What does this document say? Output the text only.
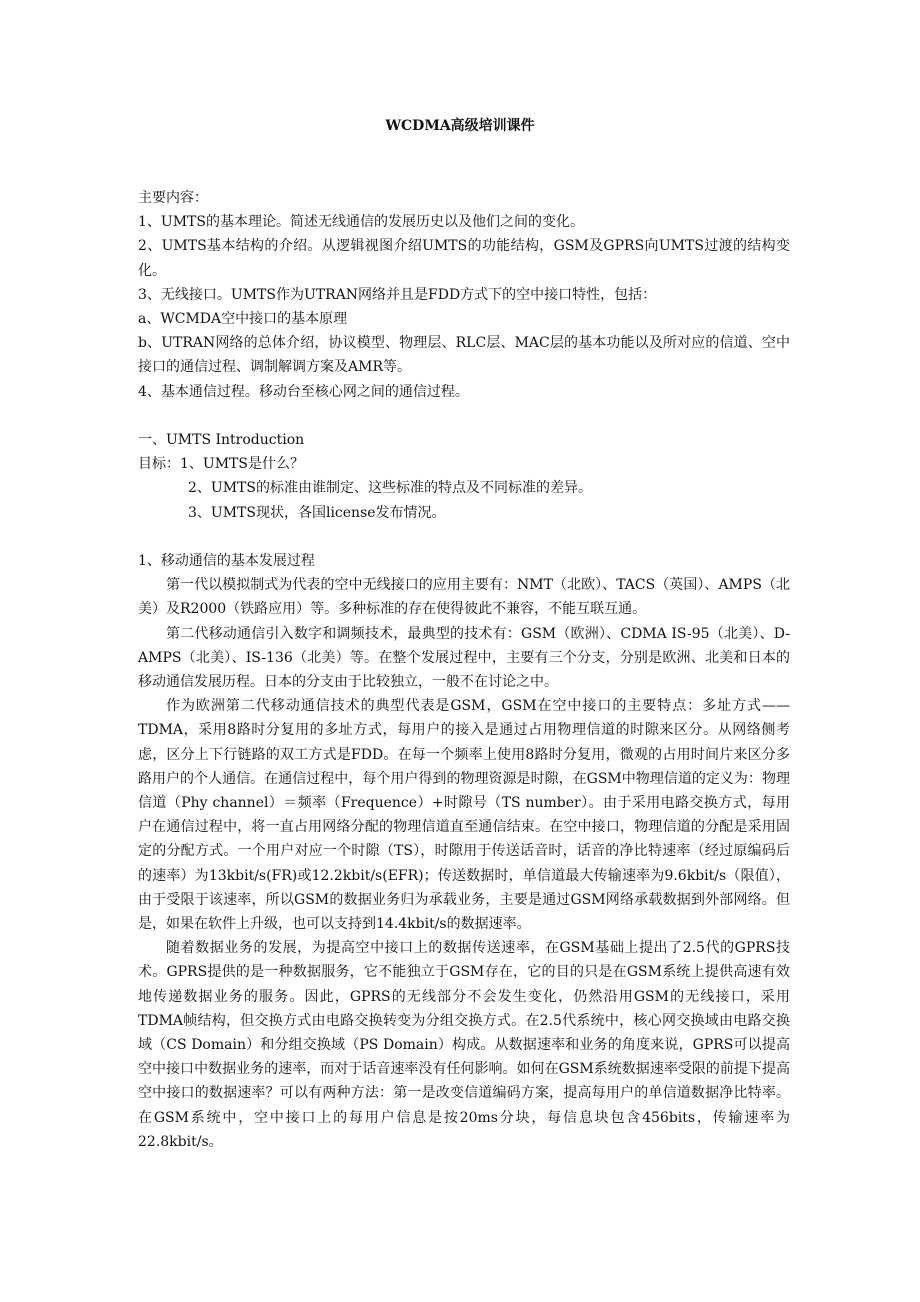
WCDMA高级培训课件

主要内容：

1、UMTS的基本理论。简述无线通信的发展历史以及他们之间的变化。

2、UMTS基本结构的介绍。从逻辑视图介绍UMTS的功能结构，GSM及GPRS向UMTS过渡的结构变化。

3、无线接口。UMTS作为UTRAN网络并且是FDD方式下的空中接口特性，包括：

a、WCMDA空中接口的基本原理

b、UTRAN网络的总体介绍，协议模型、物理层、RLC层、MAC层的基本功能以及所对应的信道、空中接口的通信过程、调制解调方案及AMR等。

4、基本通信过程。移动台至核心网之间的通信过程。

一、UMTS Introduction

目标：1、UMTS是什么？

2、UMTS的标准由谁制定、这些标准的特点及不同标准的差异。

3、UMTS现状，各国license发布情况。

1、移动通信的基本发展过程

第一代以模拟制式为代表的空中无线接口的应用主要有：NMT（北欧）、TACS（英国）、AMPS（北美）及R2000（铁路应用）等。多种标准的存在使得彼此不兼容，不能互联互通。

第二代移动通信引入数字和调频技术，最典型的技术有：GSM（欧洲）、CDMA IS-95（北美）、D-AMPS（北美）、IS-136（北美）等。在整个发展过程中，主要有三个分支，分别是欧洲、北美和日本的移动通信发展历程。日本的分支由于比较独立，一般不在讨论之中。

作为欧洲第二代移动通信技术的典型代表是GSM，GSM在空中接口的主要特点：多址方式——TDMA，采用8路时分复用的多址方式，每用户的接入是通过占用物理信道的时隙来区分。从网络侧考虑，区分上下行链路的双工方式是FDD。在每一个频率上使用8路时分复用，微观的占用时间片来区分多路用户的个人通信。在通信过程中，每个用户得到的物理资源是时隙，在GSM中物理信道的定义为：物理信道（Phy channel）＝频率（Frequence）+时隙号（TS number）。由于采用电路交换方式，每用户在通信过程中，将一直占用网络分配的物理信道直至通信结束。在空中接口，物理信道的分配是采用固定的分配方式。一个用户对应一个时隙（TS），时隙用于传送话音时，话音的净比特速率（经过原编码后的速率）为13kbit/s(FR)或12.2kbit/s(EFR)；传送数据时，单信道最大传输速率为9.6kbit/s（限值），由于受限于该速率，所以GSM的数据业务归为承载业务，主要是通过GSM网络承载数据到外部网络。但是，如果在软件上升级，也可以支持到14.4kbit/s的数据速率。

随着数据业务的发展，为提高空中接口上的数据传送速率，在GSM基础上提出了2.5代的GPRS技术。GPRS提供的是一种数据服务，它不能独立于GSM存在，它的目的只是在GSM系统上提供高速有效地传递数据业务的服务。因此，GPRS的无线部分不会发生变化，仍然沿用GSM的无线接口，采用TDMA帧结构，但交换方式由电路交换转变为分组交换方式。在2.5代系统中，核心网交换域由电路交换域（CS Domain）和分组交换域（PS Domain）构成。从数据速率和业务的角度来说，GPRS可以提高空中接口中数据业务的速率，而对于话音速率没有任何影响。如何在GSM系统数据速率受限的前提下提高空中接口的数据速率？可以有两种方法：第一是改变信道编码方案，提高每用户的单信道数据净比特率。在GSM系统中，空中接口上的每用户信息是按20ms分块，每信息块包含456bits，传输速率为22.8kbit/s。
